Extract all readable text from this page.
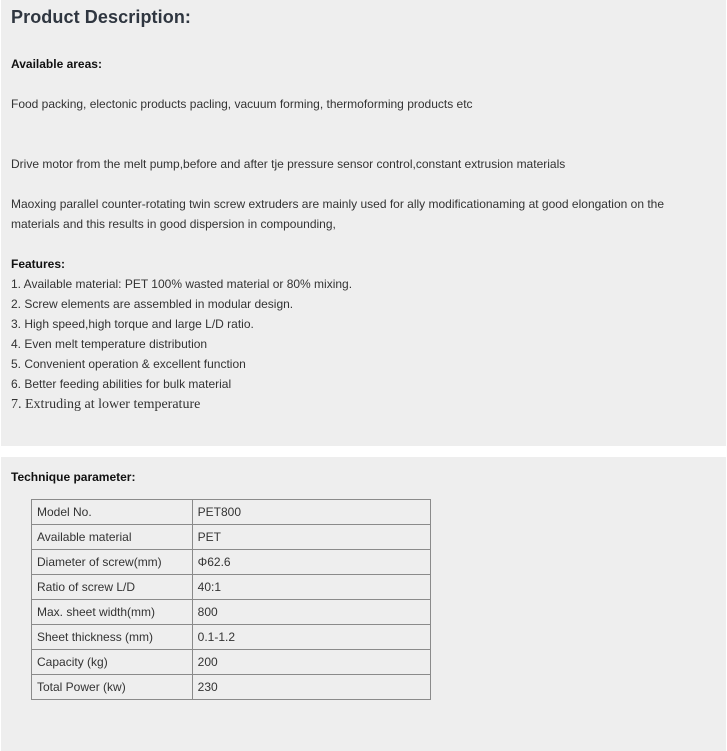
Product Description:
Available areas:

Food packing, electonic products pacling, vacuum forming, thermoforming products etc

Drive motor from the melt pump,before and after tje pressure sensor control,constant extrusion materials

Maoxing parallel counter-rotating twin screw extruders are mainly used for ally modificationaming at good elongation on the materials and this results in good dispersion in compounding,

Features:

1. Available material: PET 100% wasted material or 80% mixing.

2. Screw elements are assembled in modular design.

3. High speed,high torque and large L/D ratio.

4. Even melt temperature distribution

5. Convenient operation & excellent function

6. Better feeding abilities for bulk material

7. Extruding at lower temperature

Technique parameter:
Model No.	PET800
Available material	PET
Diameter of screw(mm)	Φ62.6
Ratio of screw L/D	40:1
Max. sheet width(mm)	800
Sheet thickness (mm)	0.1-1.2
Capacity (kg)	200
Total Power (kw)	230
